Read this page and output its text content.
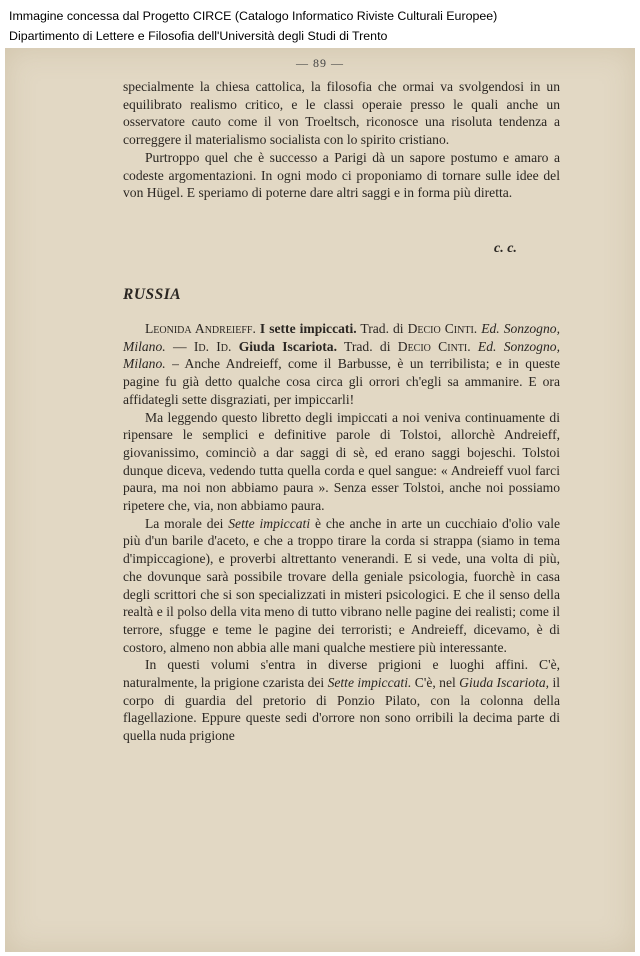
Immagine concessa dal Progetto CIRCE (Catalogo Informatico Riviste Culturali Europee)
Dipartimento di Lettere e Filosofia dell'Università degli Studi di Trento
— 89 —

specialmente la chiesa cattolica, la filosofia che ormai va svolgendosi in un equilibrato realismo critico, e le classi operaie presso le quali anche un osservatore cauto come il von Troeltsch, riconosce una risoluta tendenza a correggere il materialismo socialista con lo spirito cristiano.

Purtroppo quel che è successo a Parigi dà un sapore postumo e amaro a codeste argomentazioni. In ogni modo ci proponiamo di tornare sulle idee del von Hügel. E speriamo di poterne dare altri saggi e in forma più diretta.

c. c.
RUSSIA

Leonida Andreieff. I sette impiccati. Trad. di Decio Cinti. Ed. Sonzogno, Milano. — Id. Id. Giuda Iscariota. Trad. di Decio Cinti. Ed. Sonzogno, Milano. – Anche Andreieff, come il Barbusse, è un terribilista; e in queste pagine fu già detto qualche cosa circa gli orrori ch'egli sa ammanire. E ora affidategli sette disgraziati, per impiccarli!

Ma leggendo questo libretto degli impiccati a noi veniva continuamente di ripensare le semplici e definitive parole di Tolstoi, allorchè Andreieff, giovanissimo, cominciò a dar saggi di sè, ed erano saggi bojeschi. Tolstoi dunque diceva, vedendo tutta quella corda e quel sangue: « Andreieff vuol farci paura, ma noi non abbiamo paura ». Senza esser Tolstoi, anche noi possiamo ripetere che, via, non abbiamo paura.

La morale dei Sette impiccati è che anche in arte un cucchiaio d'olio vale più d'un barile d'aceto, e che a troppo tirare la corda si strappa (siamo in tema d'impiccagione), e proverbi altrettanto venerandi. E si vede, una volta di più, che dovunque sarà possibile trovare della geniale psicologia, fuorchè in casa degli scrittori che si son specializzati in misteri psicologici. E che il senso della realtà e il polso della vita meno di tutto vibrano nelle pagine dei realisti; come il terrore, sfugge e teme le pagine dei terroristi; e Andreieff, dicevamo, è di costoro, almeno non abbia alle mani qualche mestiere più interessante.

In questi volumi s'entra in diverse prigioni e luoghi affini. C'è, naturalmente, la prigione czarista dei Sette impiccati. C'è, nel Giuda Iscariota, il corpo di guardia del pretorio di Ponzio Pilato, con la colonna della flagellazione. Eppure queste sedi d'orrore non sono orribili la decima parte di quella nuda prigione
